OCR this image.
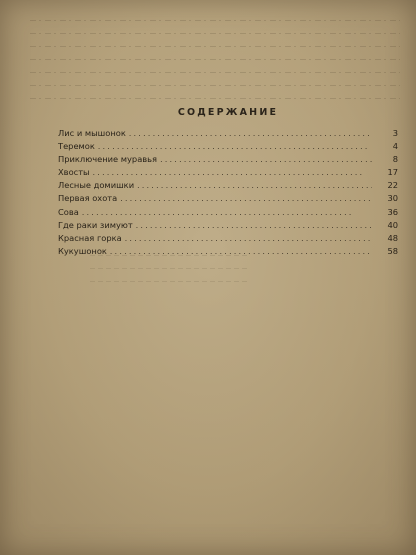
СОДЕРЖАНИЕ
Лис и мышонок . . .	3
Теремок . . .	4
Приключение муравья . . .	8
Хвосты . . .	17
Лесные домишки . . .	22
Первая охота . . .	30
Сова . . .	36
Где раки зимуют . . .	40
Красная горка . . .	48
Кукушонок . . .	58
